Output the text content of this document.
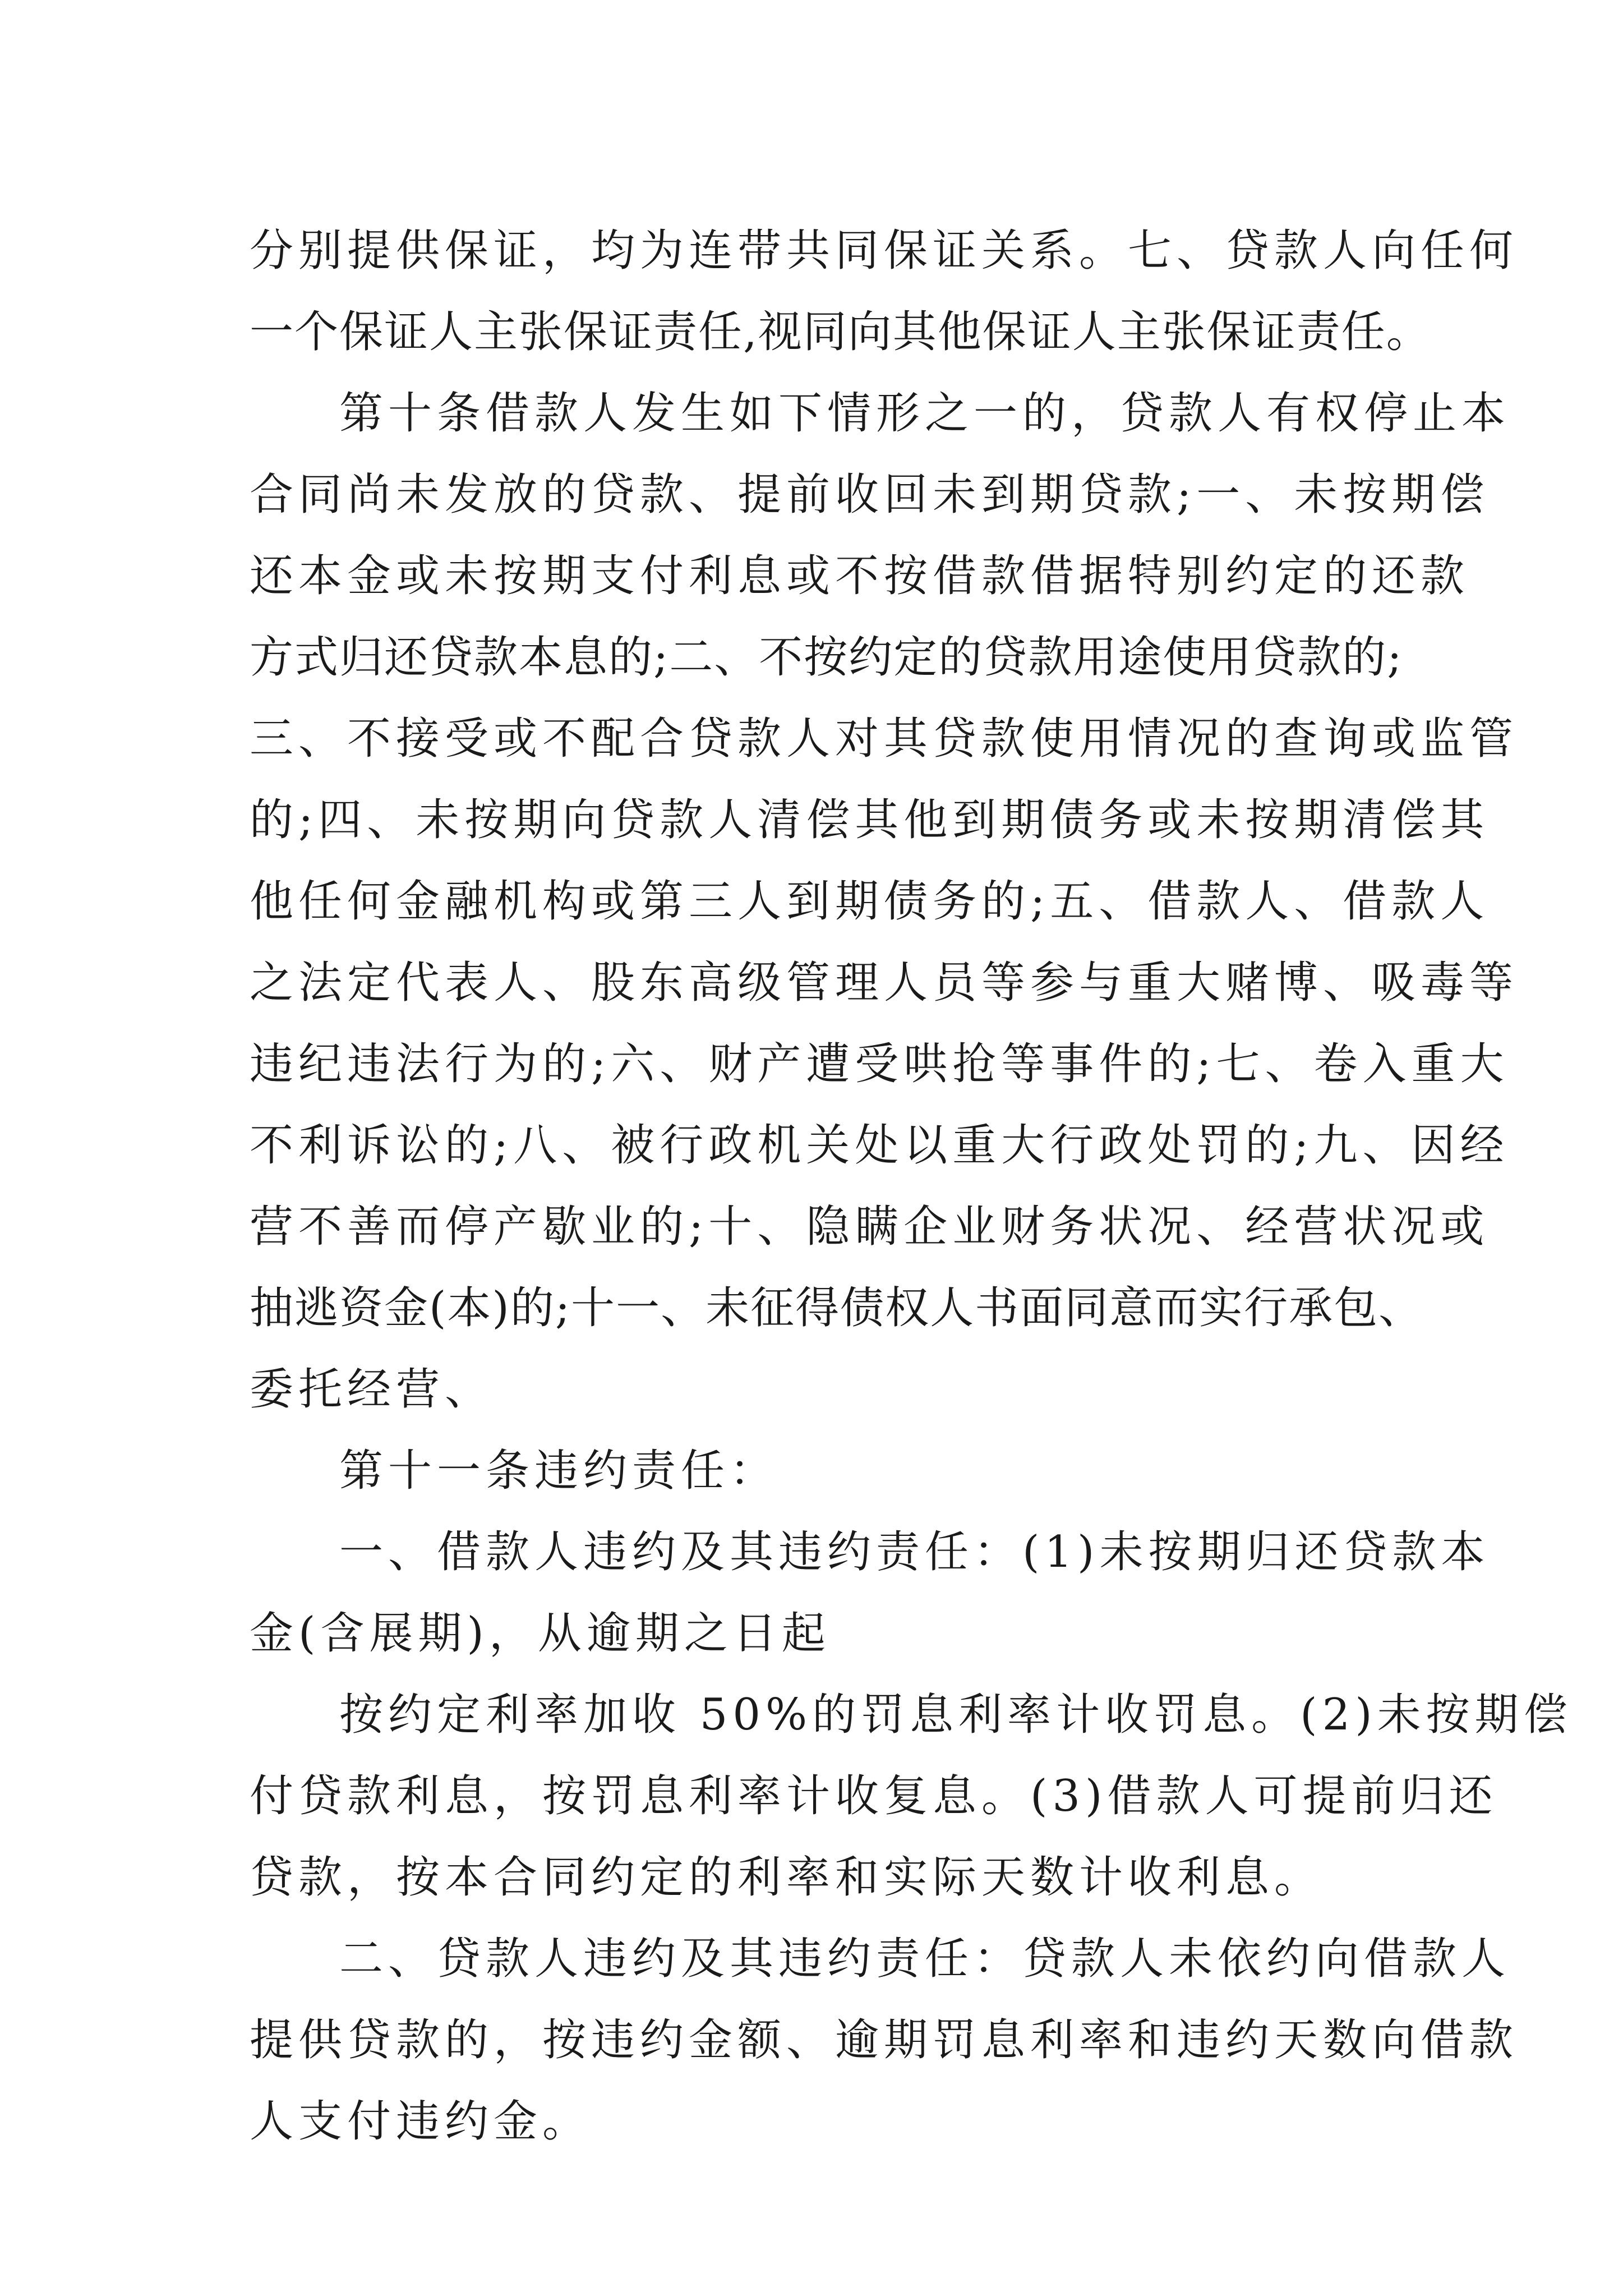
分别提供保证，均为连带共同保证关系。七、贷款人向任何
一个保证人主张保证责任,视同向其他保证人主张保证责任。
第十条借款人发生如下情形之一的，贷款人有权停止本
合同尚未发放的贷款、提前收回未到期贷款;一、未按期偿
还本金或未按期支付利息或不按借款借据特别约定的还款
方式归还贷款本息的;二、不按约定的贷款用途使用贷款的;
三、不接受或不配合贷款人对其贷款使用情况的查询或监管
的;四、未按期向贷款人清偿其他到期债务或未按期清偿其
他任何金融机构或第三人到期债务的;五、借款人、借款人
之法定代表人、股东高级管理人员等参与重大赌博、吸毒等
违纪违法行为的;六、财产遭受哄抢等事件的;七、卷入重大
不利诉讼的;八、被行政机关处以重大行政处罚的;九、因经
营不善而停产歇业的;十、隐瞒企业财务状况、经营状况或
抽逃资金(本)的;十一、未征得债权人书面同意而实行承包、
委托经营、
第十一条违约责任：
一、借款人违约及其违约责任：(1)未按期归还贷款本
金(含展期)，从逾期之日起
按约定利率加收 50%的罚息利率计收罚息。(2)未按期偿
付贷款利息，按罚息利率计收复息。(3)借款人可提前归还
贷款，按本合同约定的利率和实际天数计收利息。
二、贷款人违约及其违约责任：贷款人未依约向借款人
提供贷款的，按违约金额、逾期罚息利率和违约天数向借款
人支付违约金。
